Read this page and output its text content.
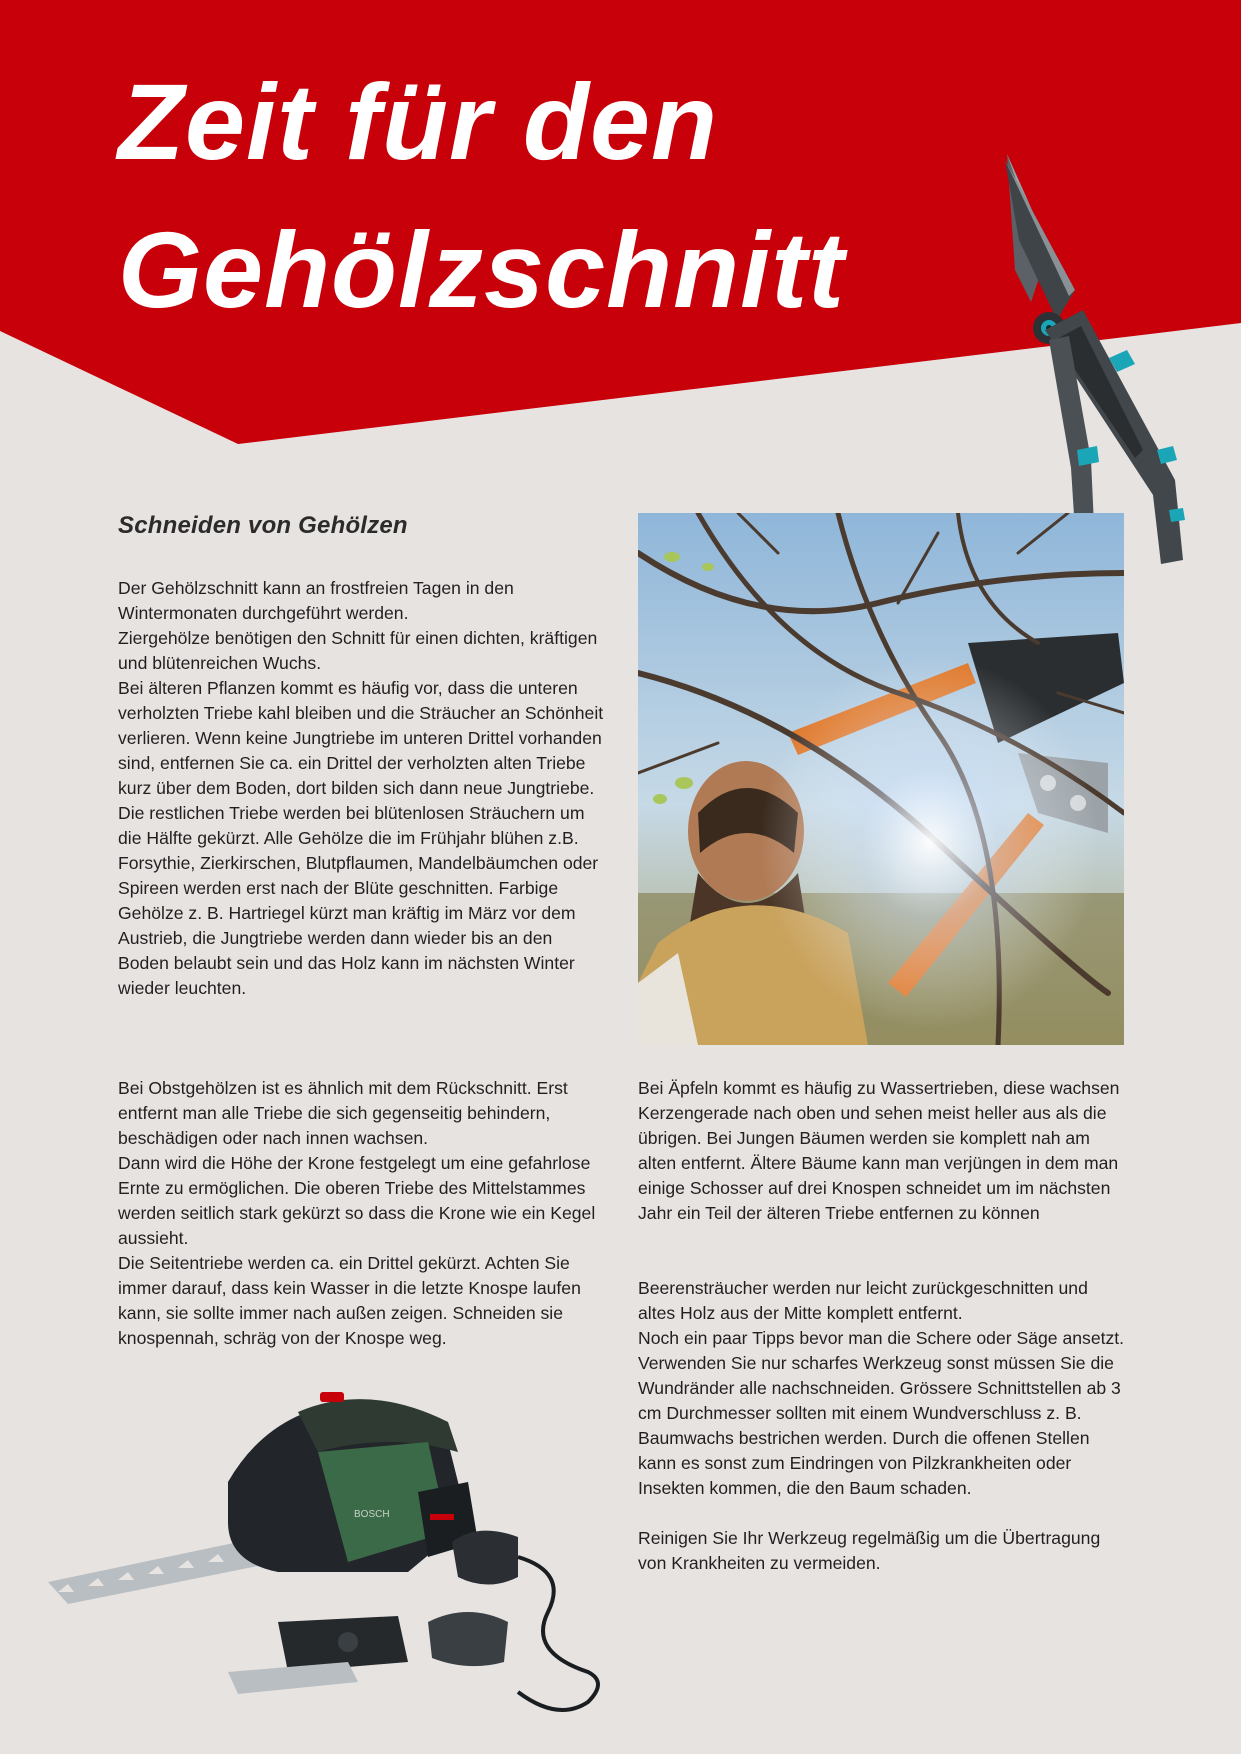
Zeit für den
Gehölzschnitt
Schneiden von Gehölzen

Der Gehölzschnitt kann an frostfreien Tagen in den Wintermonaten durchgeführt werden.
Ziergehölze benötigen den Schnitt für einen dichten, kräftigen und blütenreichen Wuchs.
Bei älteren Pflanzen kommt es häufig vor, dass die unteren verholzten Triebe kahl bleiben und die Sträucher an Schönheit verlieren. Wenn keine Jungtriebe im unteren Drittel vorhanden sind, entfernen Sie ca. ein Drittel der verholzten alten Triebe kurz über dem Boden, dort bilden sich dann neue Jungtriebe. Die restlichen Triebe werden bei blütenlosen Sträuchern um die Hälfte gekürzt. Alle Gehölze die im Frühjahr blühen z.B. Forsythie, Zierkirschen, Blutpflaumen, Mandelbäumchen oder Spireen werden erst nach der Blüte geschnitten. Farbige Gehölze z. B. Hartriegel kürzt man kräftig im März vor dem Austrieb, die Jungtriebe werden dann wieder bis an den Boden belaubt sein und das Holz kann im nächsten Winter wieder leuchten.

Bei Obstgehölzen ist es ähnlich mit dem Rückschnitt. Erst entfernt man alle Triebe die sich gegenseitig behindern, beschädigen oder nach innen wachsen.
Dann wird die Höhe der Krone festgelegt um eine gefahrlose Ernte zu ermöglichen. Die oberen Triebe des Mittelstammes werden seitlich stark gekürzt so dass die Krone wie ein Kegel aussieht.
Die Seitentriebe werden ca. ein Drittel gekürzt. Achten Sie immer darauf, dass kein Wasser in die letzte Knospe laufen kann, sie sollte immer nach außen zeigen. Schneiden sie knospennah, schräg von der Knospe weg.

Bei Äpfeln kommt es häufig zu Wassertrieben, diese wachsen Kerzengerade nach oben und sehen meist heller aus als die übrigen. Bei Jungen Bäumen werden sie komplett nah am alten entfernt. Ältere Bäume kann man verjüngen in dem man einige Schosser auf drei Knospen schneidet um im nächsten Jahr ein Teil der älteren Triebe entfernen zu können

Beerensträucher werden nur leicht zurückgeschnitten und altes Holz aus der Mitte komplett entfernt.
Noch ein paar Tipps bevor man die Schere oder Säge ansetzt. Verwenden Sie nur scharfes Werkzeug sonst müssen Sie die Wundränder alle nachschneiden. Grössere Schnittstellen ab 3 cm Durchmesser sollten mit einem Wundverschluss z. B. Baumwachs bestrichen werden. Durch die offenen Stellen kann es sonst zum Eindringen von Pilzkrankheiten oder Insekten kommen, die den Baum schaden.

Reinigen Sie Ihr Werkzeug regelmäßig um die Übertragung von Krankheiten zu vermeiden.

BOSCH
